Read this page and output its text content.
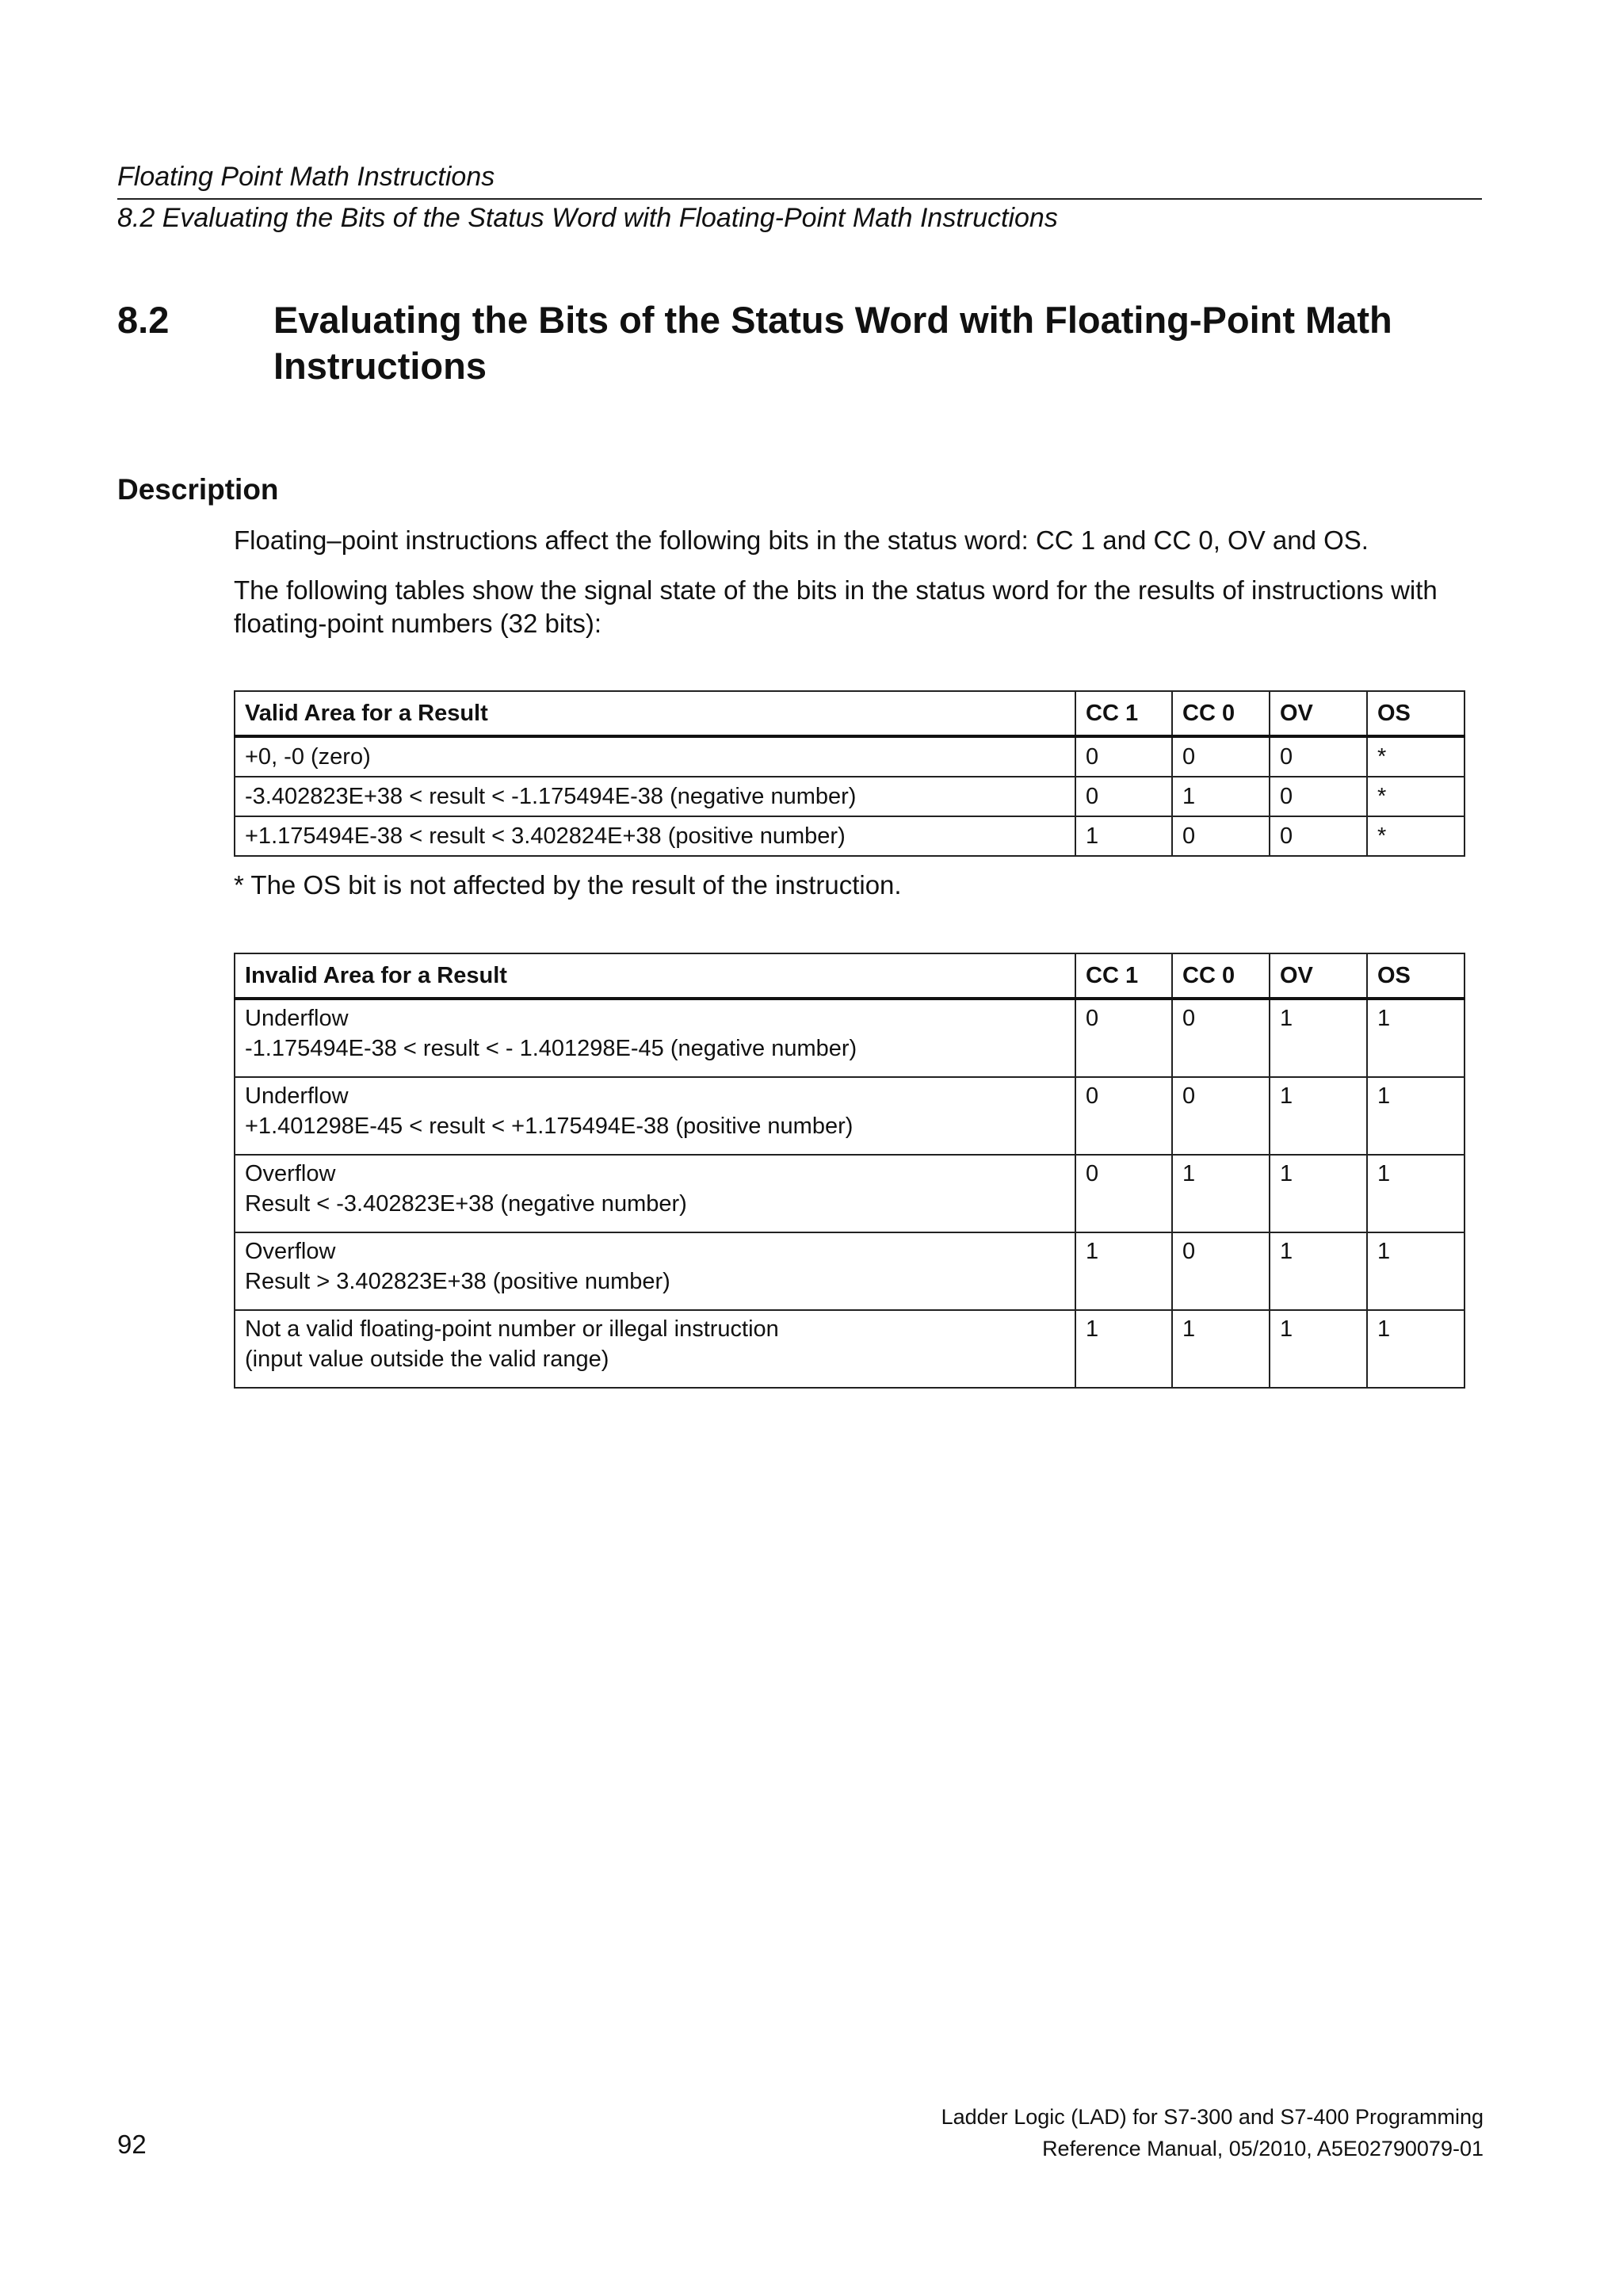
Floating Point Math Instructions
8.2 Evaluating the Bits of the Status Word with Floating-Point Math Instructions
8.2	Evaluating the Bits of the Status Word with Floating-Point Math Instructions
Description
Floating–point instructions affect the following bits in the status word: CC 1 and CC 0, OV and OS.
The following tables show the signal state of the bits in the status word for the results of instructions with floating-point numbers (32 bits):
Valid Area for a Result	CC 1	CC 0	OV	OS
+0, -0 (zero)	0	0	0	*
-3.402823E+38 < result < -1.175494E-38 (negative number)	0	1	0	*
+1.175494E-38 < result < 3.402824E+38 (positive number)	1	0	0	*
* The OS bit is not affected by the result of the instruction.
Invalid Area for a Result	CC 1	CC 0	OV	OS

Underflow
-1.175494E-38 < result < - 1.401298E-45 (negative number)	0	0	1	1

Underflow
+1.401298E-45 < result < +1.175494E-38 (positive number)	0	0	1	1

Overflow
Result < -3.402823E+38 (negative number)	0	1	1	1

Overflow
Result > 3.402823E+38 (positive number)	1	0	1	1

Not a valid floating-point number or illegal instruction
(input value outside the valid range)	1	1	1	1
92
Ladder Logic (LAD) for S7-300 and S7-400 Programming
Reference Manual, 05/2010, A5E02790079-01
